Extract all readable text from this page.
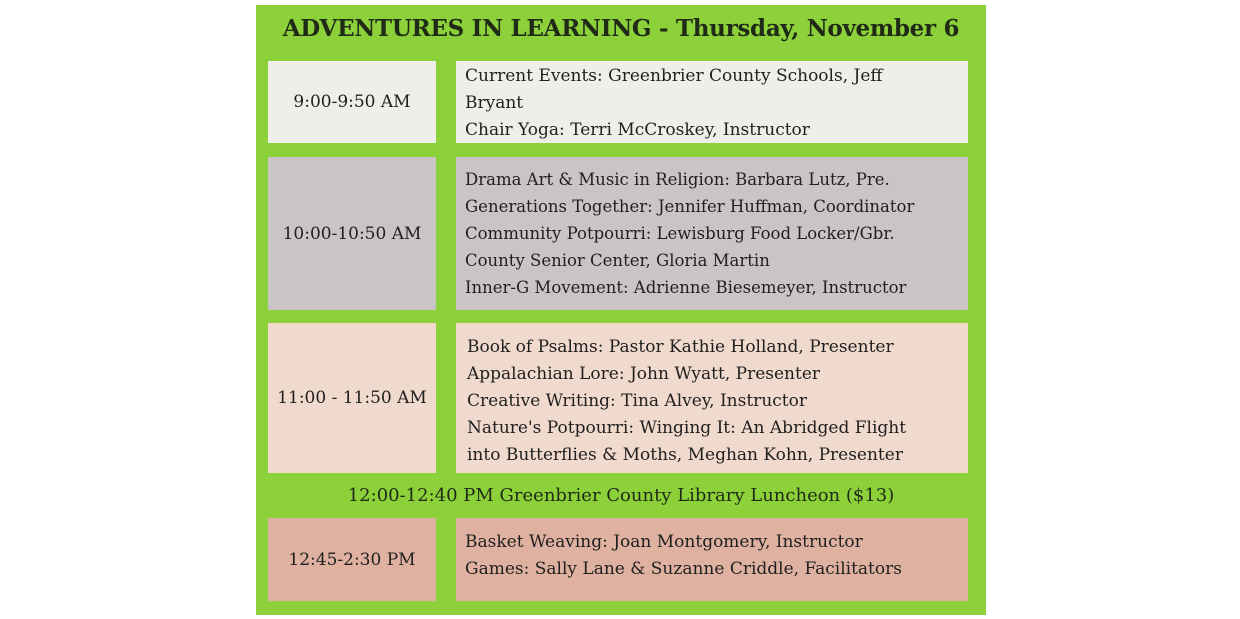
ADVENTURES IN LEARNING - Thursday, November 6
9:00-9:50 AM
Current Events: Greenbrier County Schools, Jeff
Bryant
Chair Yoga: Terri McCroskey, Instructor
10:00-10:50 AM
Drama Art & Music in Religion: Barbara Lutz, Pre.
Generations Together: Jennifer Huffman, Coordinator
Community Potpourri: Lewisburg Food Locker/Gbr.
County Senior Center, Gloria Martin
Inner-G Movement: Adrienne Biesemeyer, Instructor
11:00 - 11:50 AM
Book of Psalms: Pastor Kathie Holland, Presenter
Appalachian Lore: John Wyatt, Presenter
Creative Writing: Tina Alvey, Instructor
Nature's Potpourri: Winging It: An Abridged Flight
into Butterflies & Moths, Meghan Kohn, Presenter
12:00-12:40 PM Greenbrier County Library Luncheon ($13)
12:45-2:30 PM
Basket Weaving: Joan Montgomery, Instructor
Games: Sally Lane & Suzanne Criddle, Facilitators
